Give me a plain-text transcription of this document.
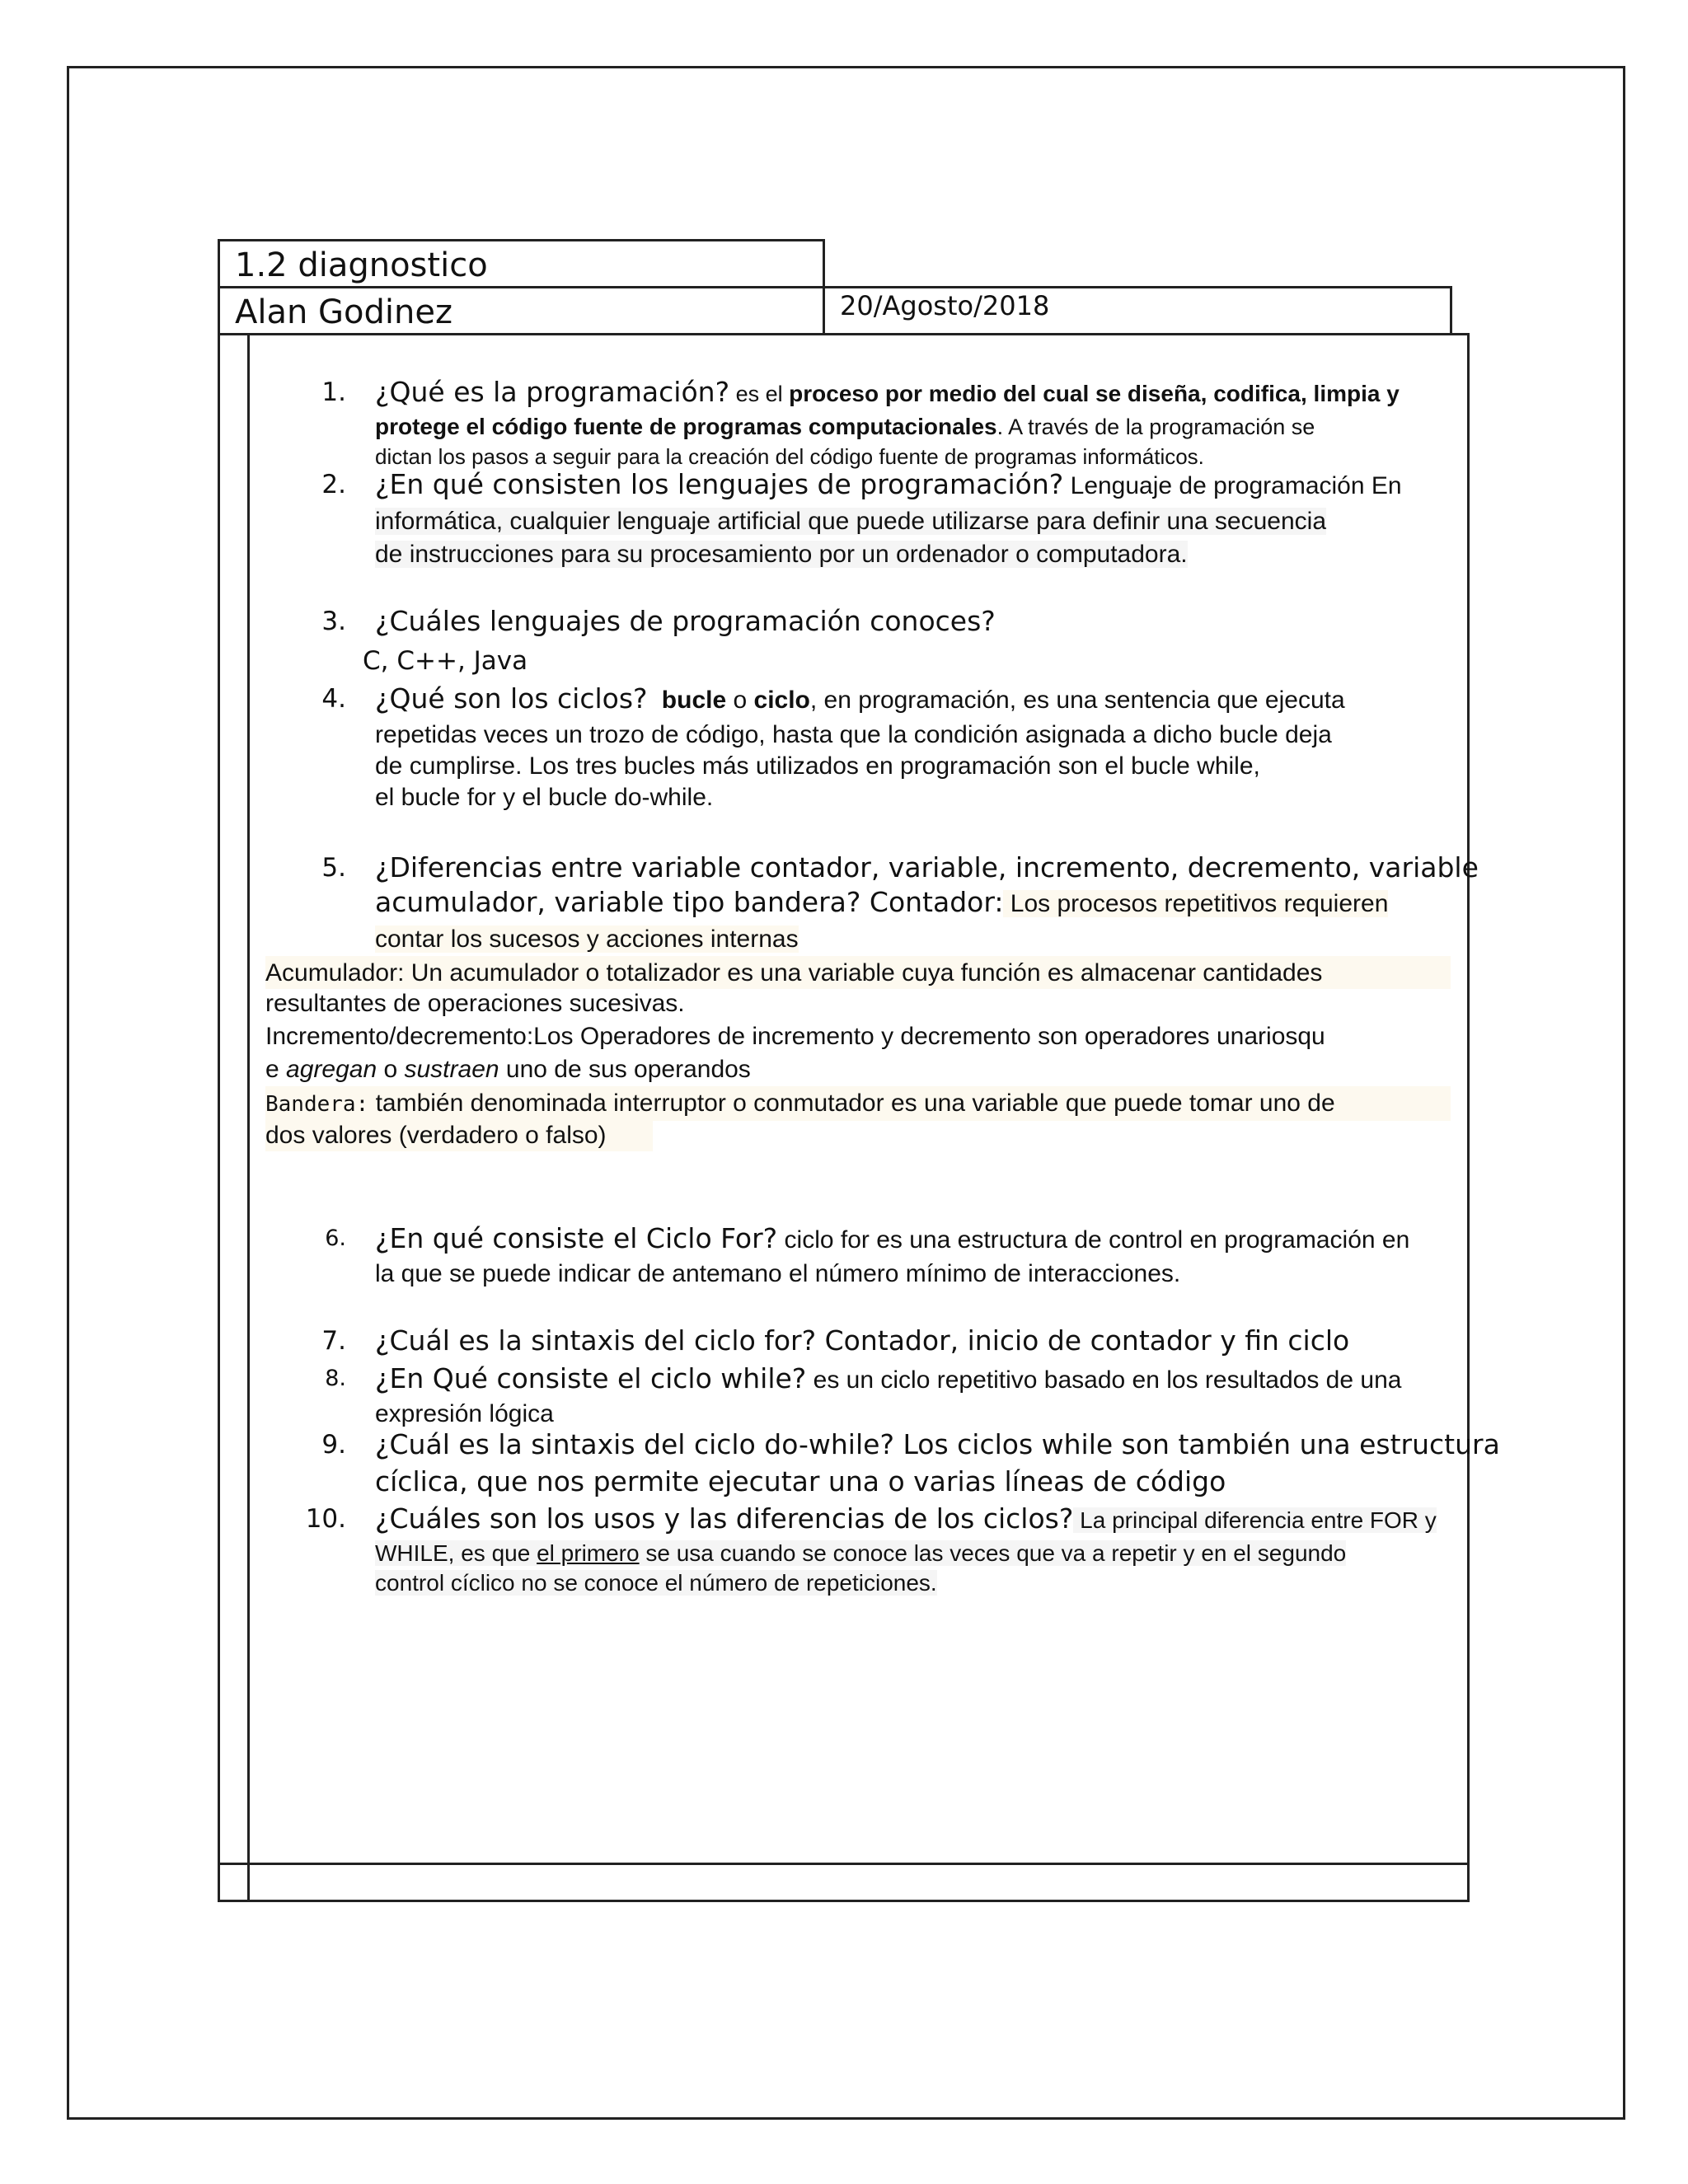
1.2 diagnostico
Alan Godinez	20/Agosto/2018
1. ¿Qué es la programación? es el proceso por medio del cual se diseña, codifica, limpia y
protege el código fuente de programas computacionales. A través de la programación se
dictan los pasos a seguir para la creación del código fuente de programas informáticos.
2. ¿En qué consisten los lenguajes de programación? Lenguaje de programación En
informática, cualquier lenguaje artificial que puede utilizarse para definir una secuencia
de instrucciones para su procesamiento por un ordenador o computadora.
3. ¿Cuáles lenguajes de programación conoces?
C, C++, Java
4. ¿Qué son los ciclos? bucle o ciclo, en programación, es una sentencia que ejecuta
repetidas veces un trozo de código, hasta que la condición asignada a dicho bucle deja
de cumplirse. Los tres bucles más utilizados en programación son el bucle while,
el bucle for y el bucle do-while.
5. ¿Diferencias entre variable contador, variable, incremento, decremento, variable
acumulador, variable tipo bandera? Contador: Los procesos repetitivos requieren
contar los sucesos y acciones internas
Acumulador: Un acumulador o totalizador es una variable cuya función es almacenar cantidades
resultantes de operaciones sucesivas.
Incremento/decremento:Los Operadores de incremento y decremento son operadores unariosqu
e agregan o sustraen uno de sus operandos
Bandera: también denominada interruptor o conmutador es una variable que puede tomar uno de
dos valores (verdadero o falso)
6. ¿En qué consiste el Ciclo For? ciclo for es una estructura de control en programación en
la que se puede indicar de antemano el número mínimo de interacciones.
7. ¿Cuál es la sintaxis del ciclo for? Contador, inicio de contador y fin ciclo
8. ¿En Qué consiste el ciclo while? es un ciclo repetitivo basado en los resultados de una
expresión lógica
9. ¿Cuál es la sintaxis del ciclo do-while? Los ciclos while son también una estructura
cíclica, que nos permite ejecutar una o varias líneas de código
10. ¿Cuáles son los usos y las diferencias de los ciclos? La principal diferencia entre FOR y
WHILE, es que el primero se usa cuando se conoce las veces que va a repetir y en el segundo
control cíclico no se conoce el número de repeticiones.
